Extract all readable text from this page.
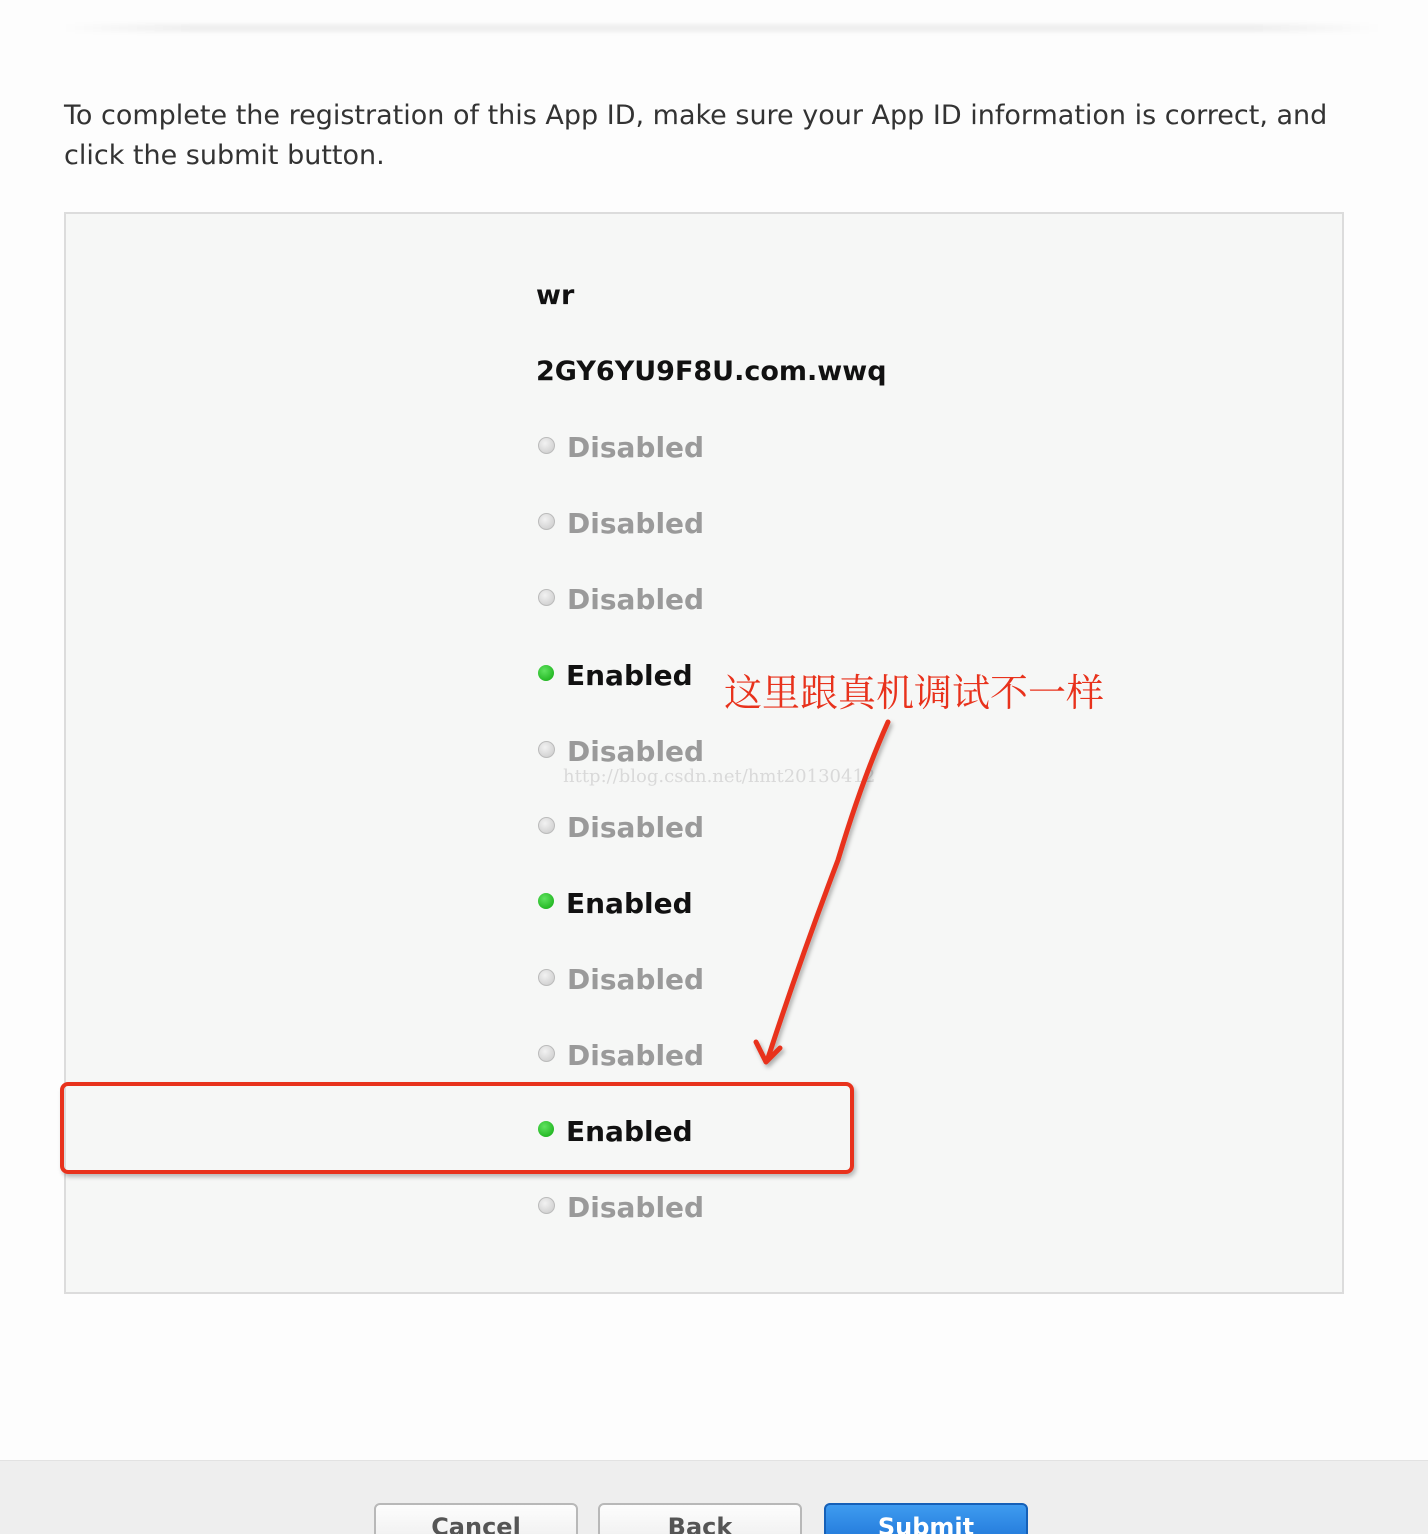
To complete the registration of this App ID, make sure your App ID information is correct, and click the submit button.

wr
2GY6YU9F8U.com.wwq
Disabled
Disabled
Disabled
Enabled
Disabled
Disabled
Enabled
Disabled
Disabled
Enabled
Disabled
http://blog.csdn.net/hmt20130412
这里跟真机调试不一样
Cancel	Back	Submit
